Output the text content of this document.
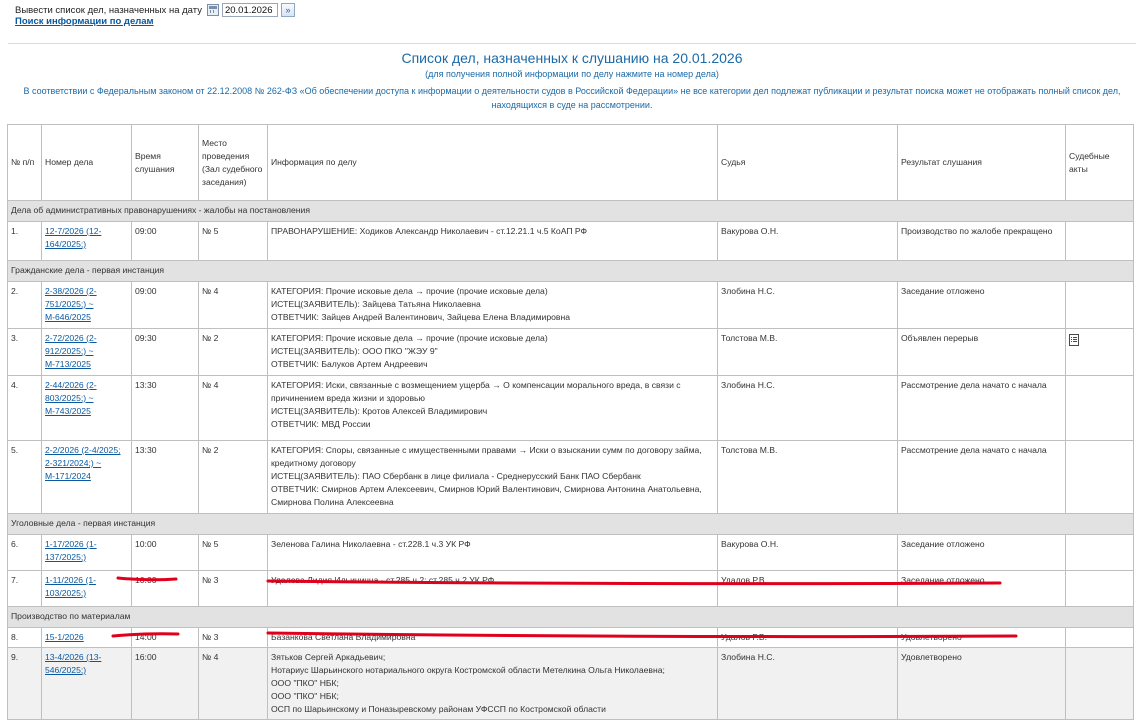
Вывести список дел, назначенных на дату
20.01.2026	»
Поиск информации по делам
Список дел, назначенных к слушанию на 20.01.2026
(для получения полной информации по делу нажмите на номер дела)
В соответствии с Федеральным законом от 22.12.2008 № 262-ФЗ «Об обеспечении доступа к информации о деятельности судов в Российской Федерации» не все категории дел подлежат публикации и результат поиска может не отображать полный список дел, находящихся в суде на рассмотрении.
№ п/п	Номер дела	Время слушания	Место проведения (Зал судебного заседания)	Информация по делу	Судья	Результат слушания	Судебные акты
Дела об административных правонарушениях - жалобы на постановления							
1.	12-7/2026 (12-164/2025;)	09:00	№ 5	ПРАВОНАРУШЕНИЕ: Ходиков Александр Николаевич - ст.12.21.1 ч.5 КоАП РФ	Вакурова О.Н.	Производство по жалобе прекращено	
Гражданские дела - первая инстанция							
2.	2-38/2026 (2-751/2025;) ~ М-646/2025	09:00	№ 4	КАТЕГОРИЯ: Прочие исковые дела → прочие (прочие исковые дела)
ИСТЕЦ(ЗАЯВИТЕЛЬ): Зайцева Татьяна Николаевна
ОТВЕТЧИК: Зайцев Андрей Валентинович, Зайцева Елена Владимировна	Злобина Н.С.	Заседание отложено	
3.	2-72/2026 (2-912/2025;) ~ М-713/2025	09:30	№ 2	КАТЕГОРИЯ: Прочие исковые дела → прочие (прочие исковые дела)
ИСТЕЦ(ЗАЯВИТЕЛЬ): ООО ПКО "ЖЭУ 9"
ОТВЕТЧИК: Балуков Артем Андреевич	Толстова М.В.	Объявлен перерыв	
4.	2-44/2026 (2-803/2025;) ~ М-743/2025	13:30	№ 4	КАТЕГОРИЯ: Иски, связанные с возмещением ущерба → О компенсации морального вреда, в связи с причинением вреда жизни и здоровью
ИСТЕЦ(ЗАЯВИТЕЛЬ): Кротов Алексей Владимирович
ОТВЕТЧИК: МВД России	Злобина Н.С.	Рассмотрение дела начато с начала	
5.	2-2/2026 (2-4/2025; 2-321/2024;) ~ М-171/2024	13:30	№ 2	КАТЕГОРИЯ: Споры, связанные с имущественными правами → Иски о взыскании сумм по договору займа, кредитному договору
ИСТЕЦ(ЗАЯВИТЕЛЬ): ПАО Сбербанк в лице филиала - Среднерусский Банк ПАО Сбербанк
ОТВЕТЧИК: Смирнов Артем Алексеевич, Смирнов Юрий Валентинович, Смирнова Антонина Анатольевна, Смирнова Полина Алексеевна	Толстова М.В.	Рассмотрение дела начато с начала	
Уголовные дела - первая инстанция							
6.	1-17/2026 (1-137/2025;)	10:00	№ 5	Зеленова Галина Николаевна - ст.228.1 ч.3 УК РФ	Вакурова О.Н.	Заседание отложено	
7.	1-11/2026 (1-103/2025;)	10:00	№ 3	Удалова Лидия Ильинична - ст.285 ч.2; ст.285 ч.2 УК РФ	Удалов Р.В.	Заседание отложено	
Производство по материалам							
8.	15-1/2026	14:00	№ 3	Базанкова Светлана Владимировна	Удалов Р.В.	Удовлетворено	
9.	13-4/2026 (13-546/2025;)	16:00	№ 4	Зятьков Сергей Аркадьевич;
Нотариус Шарьинского нотариального округа Костромской области Метелкина Ольга Николаевна;
ООО "ПКО" НБК;
ООО "ПКО" НБК;
ОСП по Шарьинскому и Поназыревскому районам УФССП по Костромской области	Злобина Н.С.	Удовлетворено	
